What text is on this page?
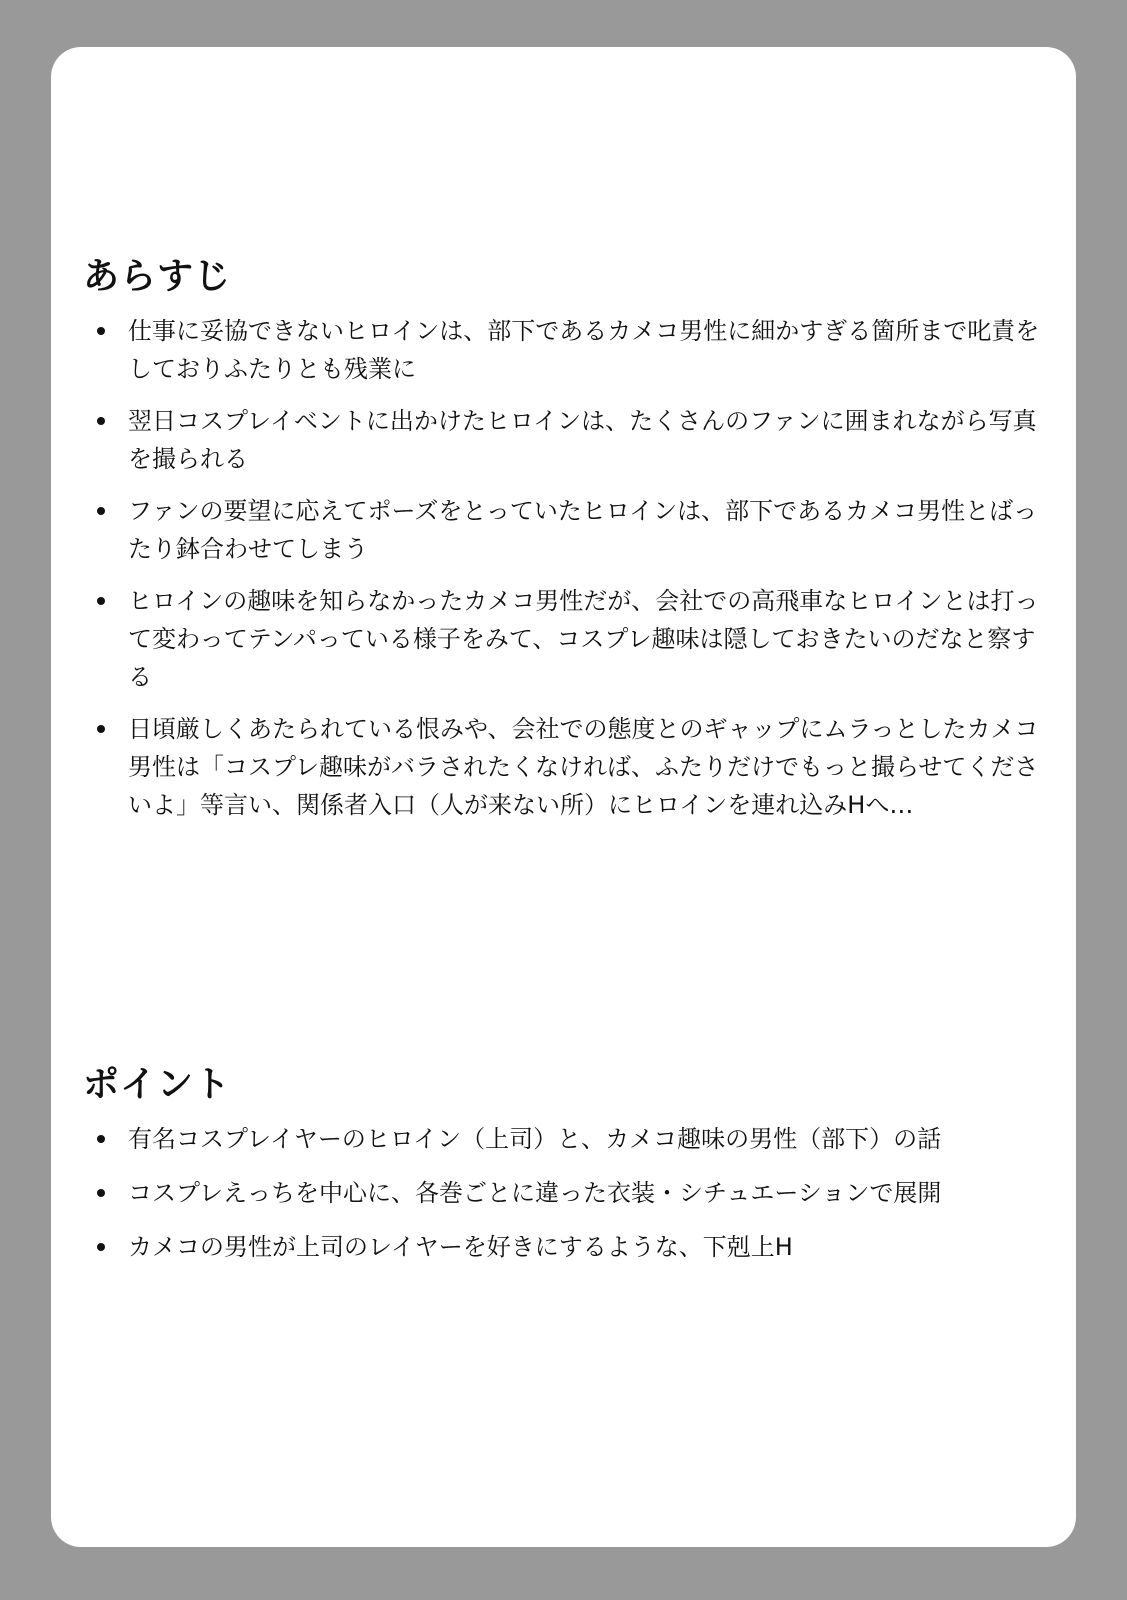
あらすじ
仕事に妥協できないヒロインは、部下であるカメコ男性に細かすぎる箇所まで叱責をしておりふたりとも残業に
翌日コスプレイベントに出かけたヒロインは、たくさんのファンに囲まれながら写真を撮られる
ファンの要望に応えてポーズをとっていたヒロインは、部下であるカメコ男性とばったり鉢合わせてしまう
ヒロインの趣味を知らなかったカメコ男性だが、会社での高飛車なヒロインとは打って変わってテンパっている様子をみて、コスプレ趣味は隠しておきたいのだなと察する
日頃厳しくあたられている恨みや、会社での態度とのギャップにムラっとしたカメコ男性は「コスプレ趣味がバラされたくなければ、ふたりだけでもっと撮らせてくださいよ」等言い、関係者入口（人が来ない所）にヒロインを連れ込みHへ…
ポイント
有名コスプレイヤーのヒロイン（上司）と、カメコ趣味の男性（部下）の話
コスプレえっちを中心に、各巻ごとに違った衣装・シチュエーションで展開
カメコの男性が上司のレイヤーを好きにするような、下剋上H
